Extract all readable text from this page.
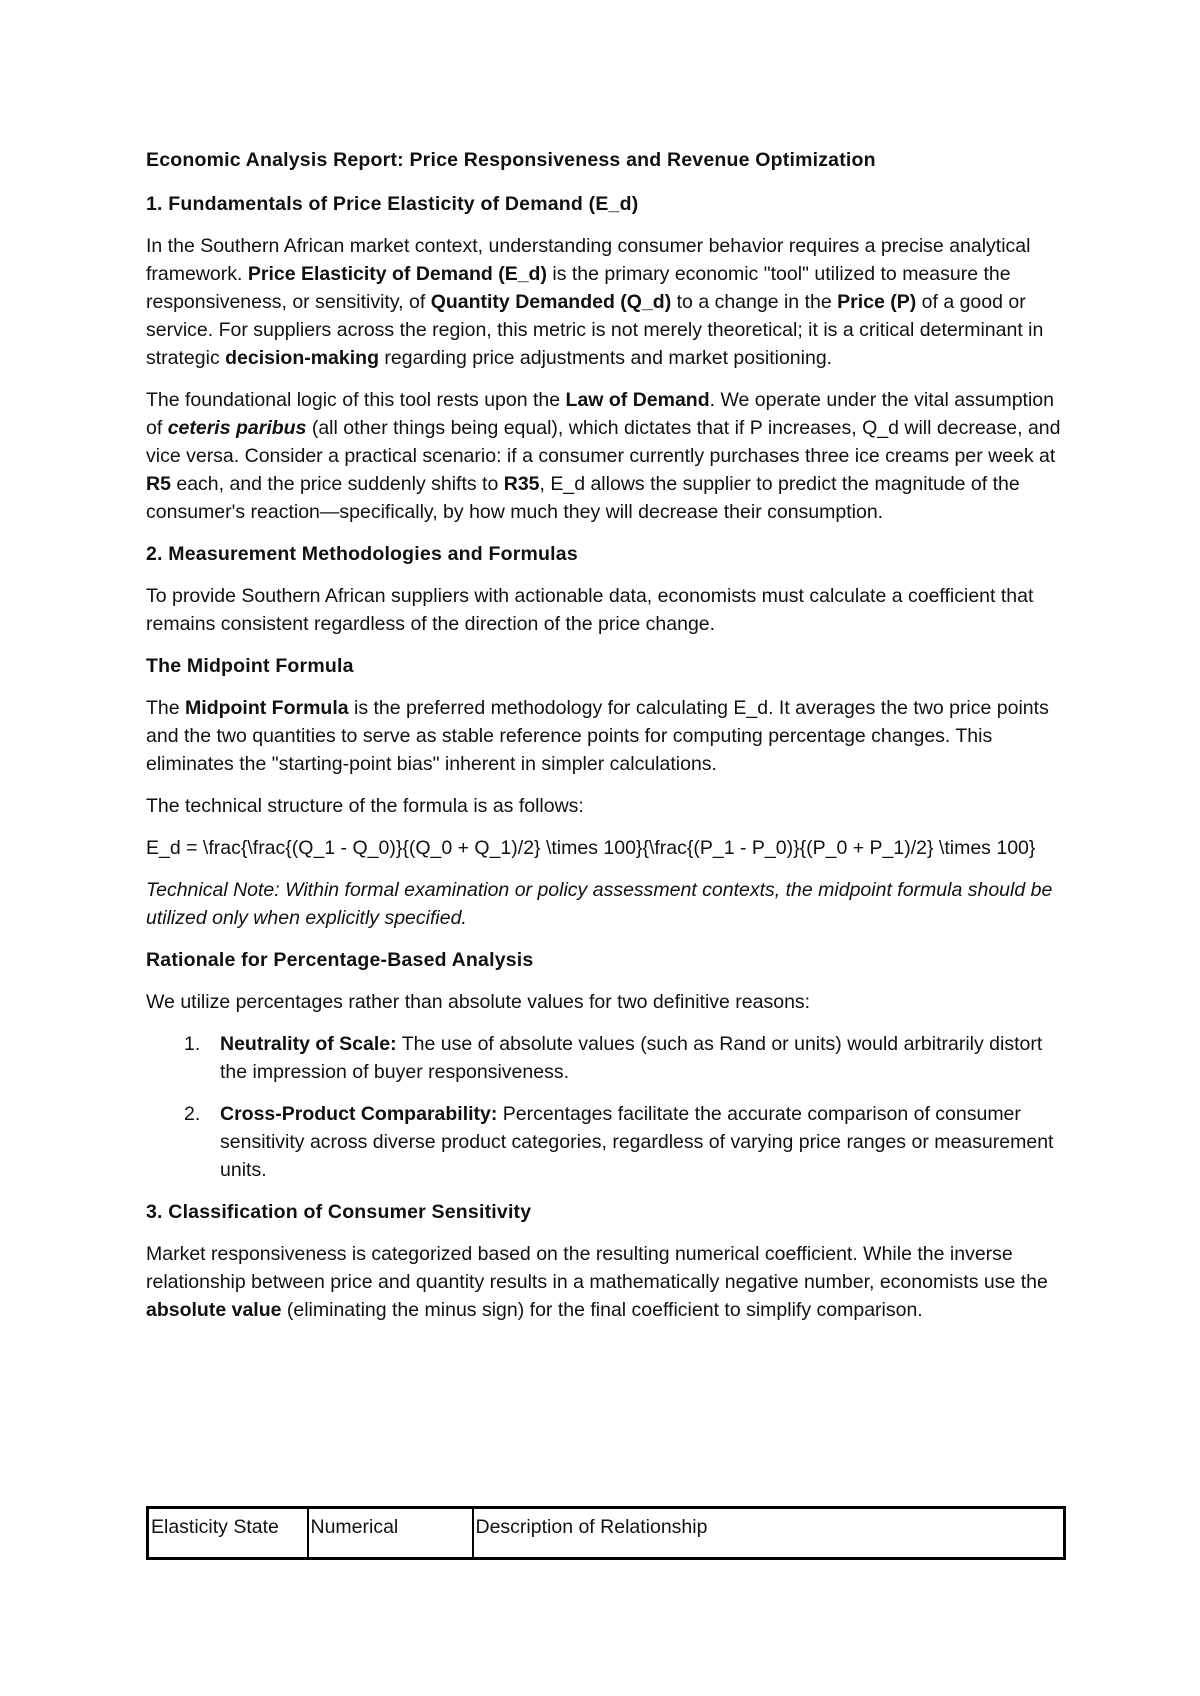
Economic Analysis Report: Price Responsiveness and Revenue Optimization

1. Fundamentals of Price Elasticity of Demand (E_d)

In the Southern African market context, understanding consumer behavior requires a precise analytical framework. Price Elasticity of Demand (E_d) is the primary economic "tool" utilized to measure the responsiveness, or sensitivity, of Quantity Demanded (Q_d) to a change in the Price (P) of a good or service. For suppliers across the region, this metric is not merely theoretical; it is a critical determinant in strategic decision-making regarding price adjustments and market positioning.

The foundational logic of this tool rests upon the Law of Demand. We operate under the vital assumption of ceteris paribus (all other things being equal), which dictates that if P increases, Q_d will decrease, and vice versa. Consider a practical scenario: if a consumer currently purchases three ice creams per week at R5 each, and the price suddenly shifts to R35, E_d allows the supplier to predict the magnitude of the consumer's reaction—specifically, by how much they will decrease their consumption.

2. Measurement Methodologies and Formulas

To provide Southern African suppliers with actionable data, economists must calculate a coefficient that remains consistent regardless of the direction of the price change.

The Midpoint Formula

The Midpoint Formula is the preferred methodology for calculating E_d. It averages the two price points and the two quantities to serve as stable reference points for computing percentage changes. This eliminates the "starting-point bias" inherent in simpler calculations.

The technical structure of the formula is as follows:

E_d = \frac{\frac{(Q_1 - Q_0)}{(Q_0 + Q_1)/2} \times 100}{\frac{(P_1 - P_0)}{(P_0 + P_1)/2} \times 100}

Technical Note: Within formal examination or policy assessment contexts, the midpoint formula should be utilized only when explicitly specified.

Rationale for Percentage-Based Analysis

We utilize percentages rather than absolute values for two definitive reasons:

1. Neutrality of Scale: The use of absolute values (such as Rand or units) would arbitrarily distort the impression of buyer responsiveness.
2. Cross-Product Comparability: Percentages facilitate the accurate comparison of consumer sensitivity across diverse product categories, regardless of varying price ranges or measurement units.

3. Classification of Consumer Sensitivity

Market responsiveness is categorized based on the resulting numerical coefficient. While the inverse relationship between price and quantity results in a mathematically negative number, economists use the absolute value (eliminating the minus sign) for the final coefficient to simplify comparison.

Elasticity State	Numerical	Description of Relationship
